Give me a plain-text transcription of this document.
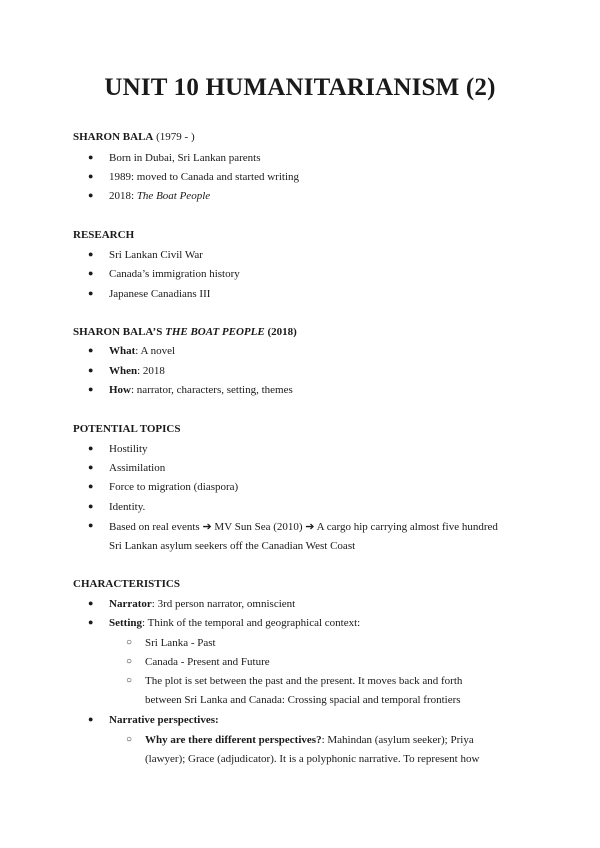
UNIT 10 HUMANITARIANISM (2)

SHARON BALA (1979 - )

● Born in Dubai, Sri Lankan parents
● 1989: moved to Canada and started writing
● 2018: The Boat People

RESEARCH

● Sri Lankan Civil War
● Canada’s immigration history
● Japanese Canadians III

SHARON BALA’S THE BOAT PEOPLE (2018)

● What: A novel
● When: 2018
● How: narrator, characters, setting, themes

POTENTIAL TOPICS

● Hostility
● Assimilation
● Force to migration (diaspora)
● Identity.
● Based on real events ➔ MV Sun Sea (2010) ➔ A cargo hip carrying almost five hundred
Sri Lankan asylum seekers off the Canadian West Coast

CHARACTERISTICS

● Narrator: 3rd person narrator, omniscient
● Setting: Think of the temporal and geographical context:
○ Sri Lanka - Past
○ Canada - Present and Future
○ The plot is set between the past and the present. It moves back and forth
between Sri Lanka and Canada: Crossing spacial and temporal frontiers
● Narrative perspectives:
○ Why are there different perspectives?: Mahindan (asylum seeker); Priya
(lawyer); Grace (adjudicator). It is a polyphonic narrative. To represent how
